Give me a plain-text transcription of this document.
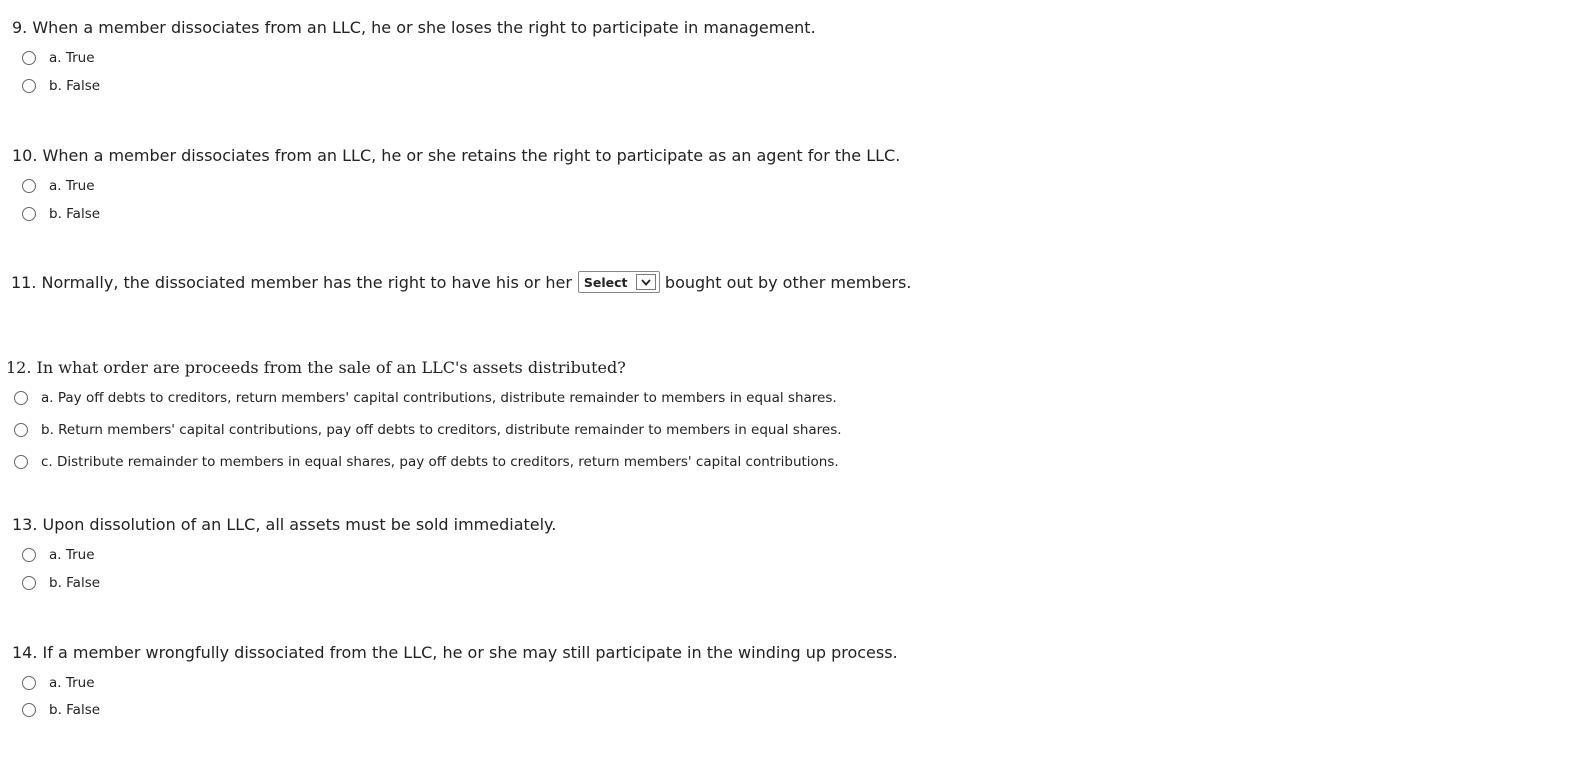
9. When a member dissociates from an LLC, he or she loses the right to participate in management.
a. True
b. False
10. When a member dissociates from an LLC, he or she retains the right to participate as an agent for the LLC.
a. True
b. False
11. Normally, the dissociated member has the right to have his or her Select bought out by other members.
12. In what order are proceeds from the sale of an LLC's assets distributed?
a. Pay off debts to creditors, return members' capital contributions, distribute remainder to members in equal shares.
b. Return members' capital contributions, pay off debts to creditors, distribute remainder to members in equal shares.
c. Distribute remainder to members in equal shares, pay off debts to creditors, return members' capital contributions.
13. Upon dissolution of an LLC, all assets must be sold immediately.
a. True
b. False
14. If a member wrongfully dissociated from the LLC, he or she may still participate in the winding up process.
a. True
b. False
